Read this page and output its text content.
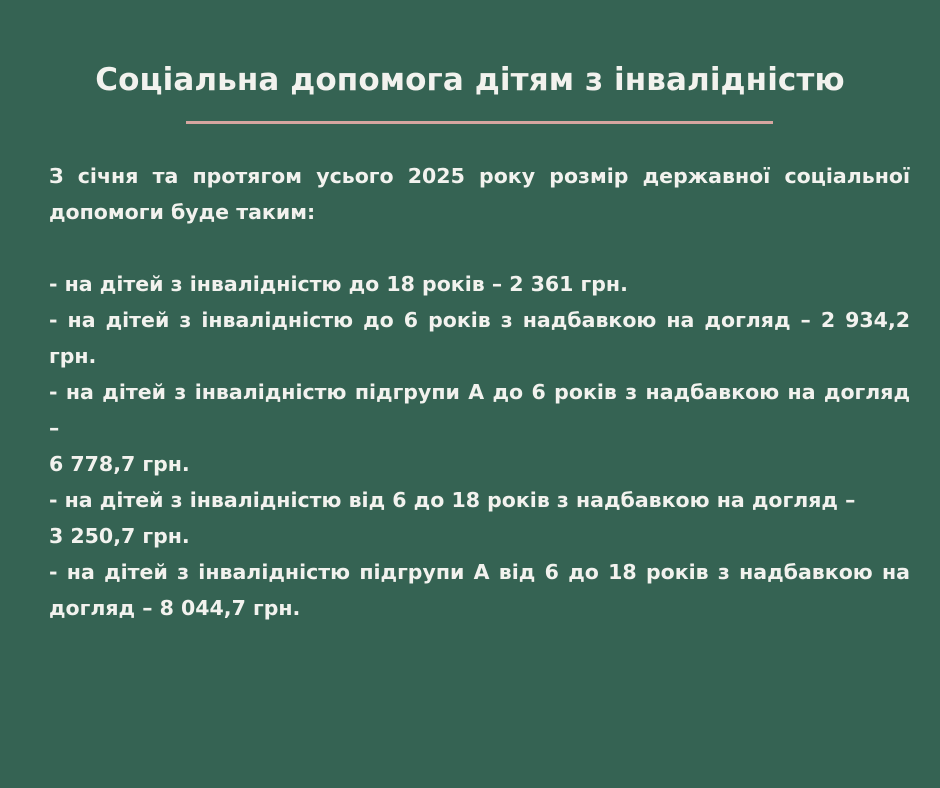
Соціальна допомога дітям з інвалідністю

З січня та протягом усього 2025 року розмір державної соціальної допомоги буде таким:

- на дітей з інвалідністю до 18 років – 2 361 грн.

- на дітей з інвалідністю до 6 років з надбавкою на догляд – 2 934,2 грн.

- на дітей з інвалідністю підгрупи А до 6 років з надбавкою на догляд –

6 778,7 грн.

- на дітей з інвалідністю від 6 до 18 років з надбавкою на догляд –

3 250,7 грн.

- на дітей з інвалідністю підгрупи А від 6 до 18 років з надбавкою на догляд – 8 044,7 грн.
